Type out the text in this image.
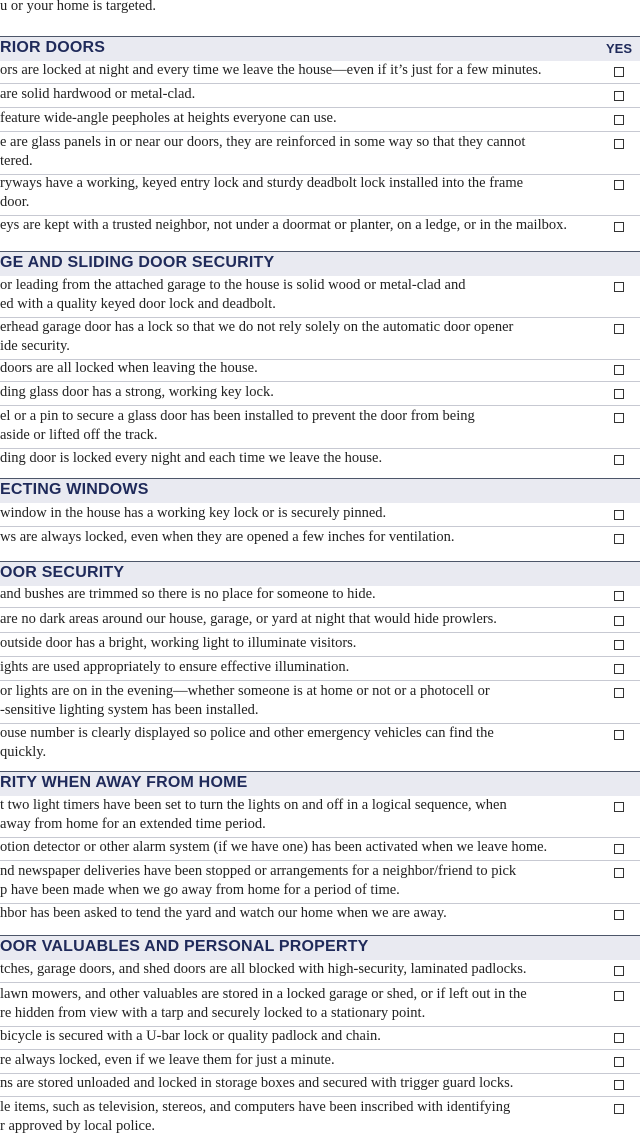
u or your home is targeted.
RIOR DOORS	YES
ors are locked at night and every time we leave the house—even if it’s just for a few minutes.
are solid hardwood or metal-clad.
feature wide-angle peepholes at heights everyone can use.
e are glass panels in or near our doors, they are reinforced in some way so that they cannot
tered.
ryways have a working, keyed entry lock and sturdy deadbolt lock installed into the frame
door.
eys are kept with a trusted neighbor, not under a doormat or planter, on a ledge, or in the mailbox.
GE AND SLIDING DOOR SECURITY
or leading from the attached garage to the house is solid wood or metal-clad and
ed with a quality keyed door lock and deadbolt.
erhead garage door has a lock so that we do not rely solely on the automatic door opener
ide security.
doors are all locked when leaving the house.
ding glass door has a strong, working key lock.
el or a pin to secure a glass door has been installed to prevent the door from being
aside or lifted off the track.
ding door is locked every night and each time we leave the house.
ECTING WINDOWS
window in the house has a working key lock or is securely pinned.
ws are always locked, even when they are opened a few inches for ventilation.
OOR SECURITY
and bushes are trimmed so there is no place for someone to hide.
are no dark areas around our house, garage, or yard at night that would hide prowlers.
outside door has a bright, working light to illuminate visitors.
ights are used appropriately to ensure effective illumination.
or lights are on in the evening—whether someone is at home or not or a photocell or
-sensitive lighting system has been installed.
ouse number is clearly displayed so police and other emergency vehicles can find the
quickly.
RITY WHEN AWAY FROM HOME
t two light timers have been set to turn the lights on and off in a logical sequence, when
away from home for an extended time period.
otion detector or other alarm system (if we have one) has been activated when we leave home.
nd newspaper deliveries have been stopped or arrangements for a neighbor/friend to pick
p have been made when we go away from home for a period of time.
hbor has been asked to tend the yard and watch our home when we are away.
OOR VALUABLES AND PERSONAL PROPERTY
tches, garage doors, and shed doors are all blocked with high-security, laminated padlocks.
lawn mowers, and other valuables are stored in a locked garage or shed, or if left out in the
re hidden from view with a tarp and securely locked to a stationary point.
bicycle is secured with a U-bar lock or quality padlock and chain.
re always locked, even if we leave them for just a minute.
ns are stored unloaded and locked in storage boxes and secured with trigger guard locks.
le items, such as television, stereos, and computers have been inscribed with identifying
r approved by local police.
